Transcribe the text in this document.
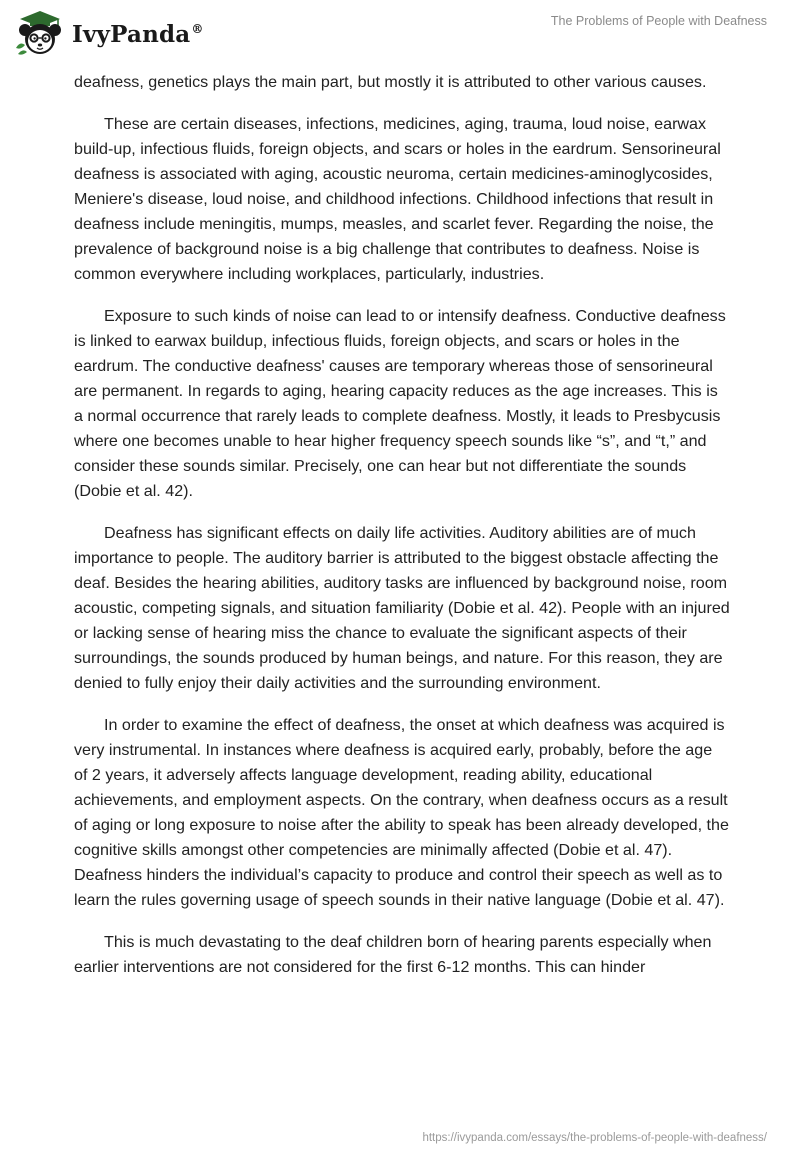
IvyPanda®
The Problems of People with Deafness

deafness, genetics plays the main part, but mostly it is attributed to other various causes.

These are certain diseases, infections, medicines, aging, trauma, loud noise, earwax build-up, infectious fluids, foreign objects, and scars or holes in the eardrum. Sensorineural deafness is associated with aging, acoustic neuroma, certain medicines-aminoglycosides, Meniere's disease, loud noise, and childhood infections. Childhood infections that result in deafness include meningitis, mumps, measles, and scarlet fever. Regarding the noise, the prevalence of background noise is a big challenge that contributes to deafness. Noise is common everywhere including workplaces, particularly, industries.

Exposure to such kinds of noise can lead to or intensify deafness. Conductive deafness is linked to earwax buildup, infectious fluids, foreign objects, and scars or holes in the eardrum. The conductive deafness' causes are temporary whereas those of sensorineural are permanent. In regards to aging, hearing capacity reduces as the age increases. This is a normal occurrence that rarely leads to complete deafness. Mostly, it leads to Presbycusis where one becomes unable to hear higher frequency speech sounds like “s”, and “t,” and consider these sounds similar. Precisely, one can hear but not differentiate the sounds (Dobie et al. 42).

Deafness has significant effects on daily life activities. Auditory abilities are of much importance to people. The auditory barrier is attributed to the biggest obstacle affecting the deaf. Besides the hearing abilities, auditory tasks are influenced by background noise, room acoustic, competing signals, and situation familiarity (Dobie et al. 42). People with an injured or lacking sense of hearing miss the chance to evaluate the significant aspects of their surroundings, the sounds produced by human beings, and nature. For this reason, they are denied to fully enjoy their daily activities and the surrounding environment.

In order to examine the effect of deafness, the onset at which deafness was acquired is very instrumental. In instances where deafness is acquired early, probably, before the age of 2 years, it adversely affects language development, reading ability, educational achievements, and employment aspects. On the contrary, when deafness occurs as a result of aging or long exposure to noise after the ability to speak has been already developed, the cognitive skills amongst other competencies are minimally affected (Dobie et al. 47). Deafness hinders the individual’s capacity to produce and control their speech as well as to learn the rules governing usage of speech sounds in their native language (Dobie et al. 47).

This is much devastating to the deaf children born of hearing parents especially when earlier interventions are not considered for the first 6-12 months. This can hinder

https://ivypanda.com/essays/the-problems-of-people-with-deafness/
